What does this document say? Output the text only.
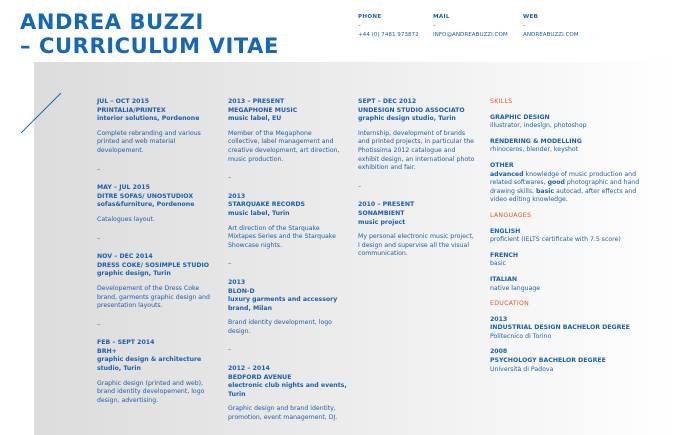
ANDREA BUZZI
– CURRICULUM VITAE
PHONE
–
+44 (0) 7481 973872
MAIL
–
INFO@ANDREABUZZI.COM
WEB
–
ANDREABUZZI.COM
JUL – OCT 2015
PRINTALIA/PRINTEX
interior solutions, Pordenone
Complete rebranding and various printed and web material developement.
–
MAY – JUL 2015
DITRE SOFAS/ UNOSTUDIOX
sofas&furniture, Pordenone
Catalogues layout.
–
NOV – DEC 2014
DRESS COKE/ SOSIMPLE STUDIO
graphic design, Turin
Developement of the Dress Coke brand, garments graphic design and presentation layouts.
–
FEB – SEPT 2014
BRH+
graphic design & architecture
studio, Turin
Graphic design (printed and web), brand identity developement, logo design, advertising.
2013 – PRESENT
MEGAPHONE MUSIC
music label, EU
Member of the Megaphone collective, label management and creative development, art direction, music production.
–
2013
STARQUAKE RECORDS
music label, Turin
Art direction of the Starquake Mixtapes Series and the Starquake Showcase nights.
–
2013
BLON-D
luxury garments and accessory
brand, Milan
Brand identity development, logo design.
–
2012 – 2014
BEDFORD AVENUE
electronic club nights and events,
Turin
Graphic design and brand identity, promotion, event management, DJ.
SEPT – DEC 2012
UNDESIGN STUDIO ASSOCIATO
graphic design studio, Turin
Internship, development of brands and printed projects, in particular the Photissima 2012 catalogue and exhibit design, an international photo exhibition and fair.
–
2010 – PRESENT
SONAMBIENT
music project
My personal electronic music project, I design and supervise all the visual communication.
SKILLS
GRAPHIC DESIGN
illustrator, indesign, photoshop
RENDERING & MODELLING
rhinoceros, blender, keyshot
OTHER
advanced knowledge of music production and related softwares, good photographic and hand drawing skills, basic autocad, after effects and video editing knowledge.
LANGUAGES
ENGLISH
proficient (IELTS certificate with 7.5 score)
FRENCH
basic
ITALIAN
native language
EDUCATION
2013
INDUSTRIAL DESIGN BACHELOR DEGREE
Politecnico di Torino
2008
PSYCHOLOGY BACHELOR DEGREE
Università di Padova
